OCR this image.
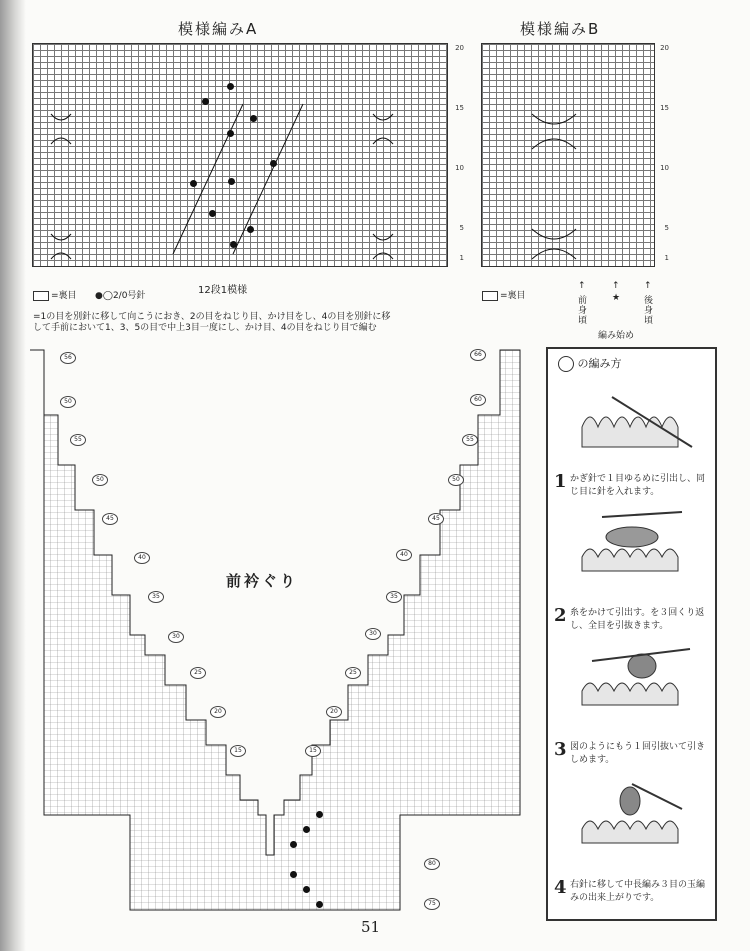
模様編みA
20
15
10
5
1
12段1模様
=裏目 ●◯2/0号針
=1の目を別針に移して向こうにおき、2の目をねじり目、かけ目をし、4の目を別針に移して手前において1、3、5の目で中上3目一度にし、かけ目、4の目をねじり目で編む
模様編みB
20
15
10
5
1
=裏目
↑	↑	↑
前身頃
★	後身頃
編み始め
前衿ぐり
56
50
55
50
45
40
35
30
25
20
15
66
60
55
50
45
40
35
30
25
20
15
80
75
の編み方
1 かぎ針で１目ゆるめに引出し、同じ目に針を入れます。
2 糸をかけて引出す。を３回くり返し、全目を引抜きます。
3 図のようにもう１回引抜いて引きしめます。
4 右針に移して中長編み３目の玉編みの出来上がりです。
51
